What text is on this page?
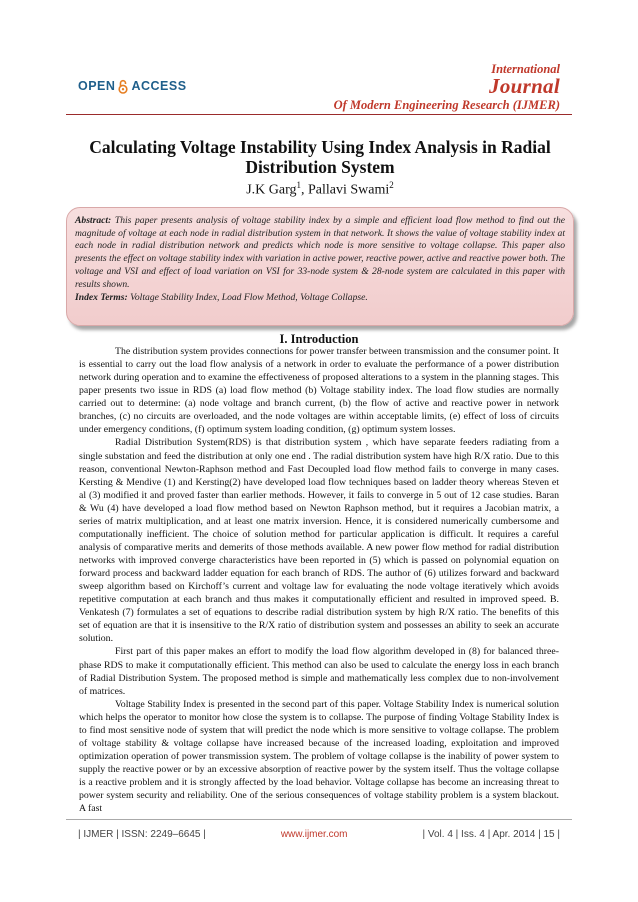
OPEN ACCESS
International
Journal
Of Modern Engineering Research (IJMER)
Calculating Voltage Instability Using Index Analysis in Radial Distribution System
J.K Garg$^1$, Pallavi Swami$^2$
Abstract: This paper presents analysis of voltage stability index by a simple and efficient load flow method to find out the magnitude of voltage at each node in radial distribution system in that network. It shows the value of voltage stability index at each node in radial distribution network and predicts which node is more sensitive to voltage collapse. This paper also presents the effect on voltage stability index with variation in active power, reactive power, active and reactive power both. The voltage and VSI and effect of load variation on VSI for 33-node system & 28-node system are calculated in this paper with results shown.
Index Terms: Voltage Stability Index, Load Flow Method, Voltage Collapse.
I. Introduction

The distribution system provides connections for power transfer between transmission and the consumer point. It is essential to carry out the load flow analysis of a network in order to evaluate the performance of a power distribution network during operation and to examine the effectiveness of proposed alterations to a system in the planning stages. This paper presents two issue in RDS (a) load flow method (b) Voltage stability index. The load flow studies are normally carried out to determine: (a) node voltage and branch current, (b) the flow of active and reactive power in network branches, (c) no circuits are overloaded, and the node voltages are within acceptable limits, (e) effect of loss of circuits under emergency conditions, (f) optimum system loading condition, (g) optimum system losses.

Radial Distribution System(RDS) is that distribution system , which have separate feeders radiating from a single substation and feed the distribution at only one end . The radial distribution system have high R/X ratio. Due to this reason, conventional Newton-Raphson method and Fast Decoupled load flow method fails to converge in many cases. Kersting & Mendive (1) and Kersting(2) have developed load flow techniques based on ladder theory whereas Steven et al (3) modified it and proved faster than earlier methods. However, it fails to converge in 5 out of 12 case studies. Baran & Wu (4) have developed a load flow method based on Newton Raphson method, but it requires a Jacobian matrix, a series of matrix multiplication, and at least one matrix inversion. Hence, it is considered numerically cumbersome and computationally inefficient. The choice of solution method for particular application is difficult. It requires a careful analysis of comparative merits and demerits of those methods available. A new power flow method for radial distribution networks with improved converge characteristics have been reported in (5) which is passed on polynomial equation on forward process and backward ladder equation for each branch of RDS. The author of (6) utilizes forward and backward sweep algorithm based on Kirchoff’s current and voltage law for evaluating the node voltage iteratively which avoids repetitive computation at each branch and thus makes it computationally efficient and resulted in improved speed. B. Venkatesh (7) formulates a set of equations to describe radial distribution system by high R/X ratio. The benefits of this set of equation are that it is insensitive to the R/X ratio of distribution system and possesses an ability to seek an accurate solution.

First part of this paper makes an effort to modify the load flow algorithm developed in (8) for balanced three-phase RDS to make it computationally efficient. This method can also be used to calculate the energy loss in each branch of Radial Distribution System. The proposed method is simple and mathematically less complex due to non-involvement of matrices.

Voltage Stability Index is presented in the second part of this paper. Voltage Stability Index is numerical solution which helps the operator to monitor how close the system is to collapse. The purpose of finding Voltage Stability Index is to find most sensitive node of system that will predict the node which is more sensitive to voltage collapse. The problem of voltage stability & voltage collapse have increased because of the increased loading, exploitation and improved optimization operation of power transmission system. The problem of voltage collapse is the inability of power system to supply the reactive power or by an excessive absorption of reactive power by the system itself. Thus the voltage collapse is a reactive problem and it is strongly affected by the load behavior. Voltage collapse has become an increasing threat to power system security and reliability. One of the serious consequences of voltage stability problem is a system blackout. A fast

| IJMER | ISSN: 2249–6645 |	www.ijmer.com	| Vol. 4 | Iss. 4 | Apr. 2014 | 15 |
